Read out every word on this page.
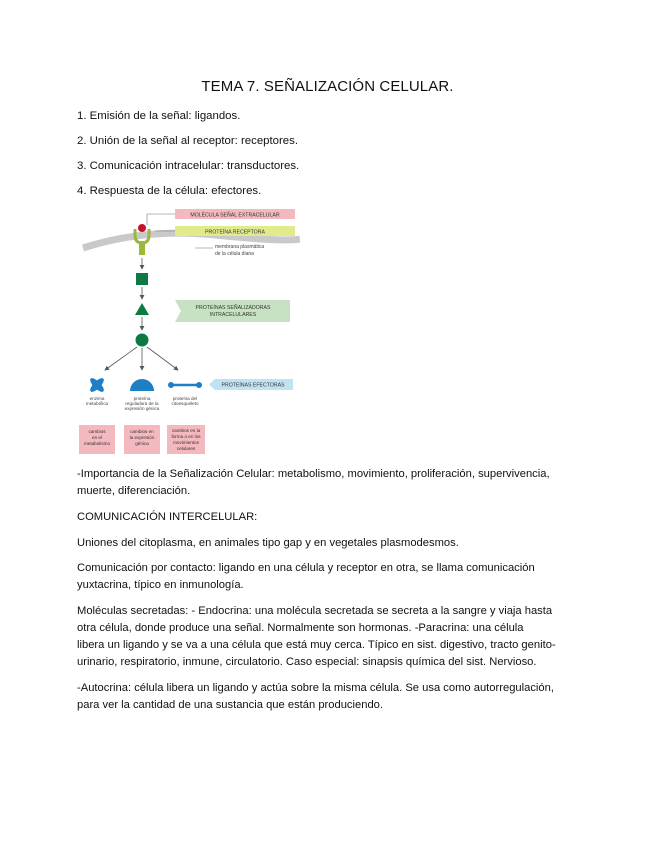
TEMA 7. SEÑALIZACIÓN CELULAR.
1. Emisión de la señal: ligandos.
2. Unión de la señal al receptor: receptores.
3. Comunicación intracelular: transductores.
4. Respuesta de la célula: efectores.
MOLÉCULA SEÑAL EXTRACELULAR
PROTEÍNA RECEPTORA
membrana plasmática
de la célula diana
PROTEÍNAS SEÑALIZADORAS
INTRACELULARES
PROTEÍNAS EFECTORAS
enzima
metabólica
proteína
reguladora de la
expresión génica
proteína del
citoesqueleto
cambios
en el
metabolismo
cambios en
la expresión
génica
cambios en la
forma o en los
movimientos
celulares
-Importancia de la Señalización Celular: metabolismo, movimiento, proliferación, supervivencia,
muerte, diferenciación.
COMUNICACIÓN INTERCELULAR:
Uniones del citoplasma, en animales tipo gap y en vegetales plasmodesmos.
Comunicación por contacto: ligando en una célula y receptor en otra, se llama comunicación
yuxtacrina, típico en inmunología.
Moléculas secretadas: - Endocrina: una molécula secretada se secreta a la sangre y viaja hasta
otra célula, donde produce una señal. Normalmente son hormonas. -Paracrina: una célula
libera un ligando y se va a una célula que está muy cerca. Típico en sist. digestivo, tracto genito-
urinario, respiratorio, inmune, circulatorio. Caso especial: sinapsis química del sist. Nervioso.
-Autocrina: célula libera un ligando y actúa sobre la misma célula. Se usa como autorregulación,
para ver la cantidad de una sustancia que están produciendo.
